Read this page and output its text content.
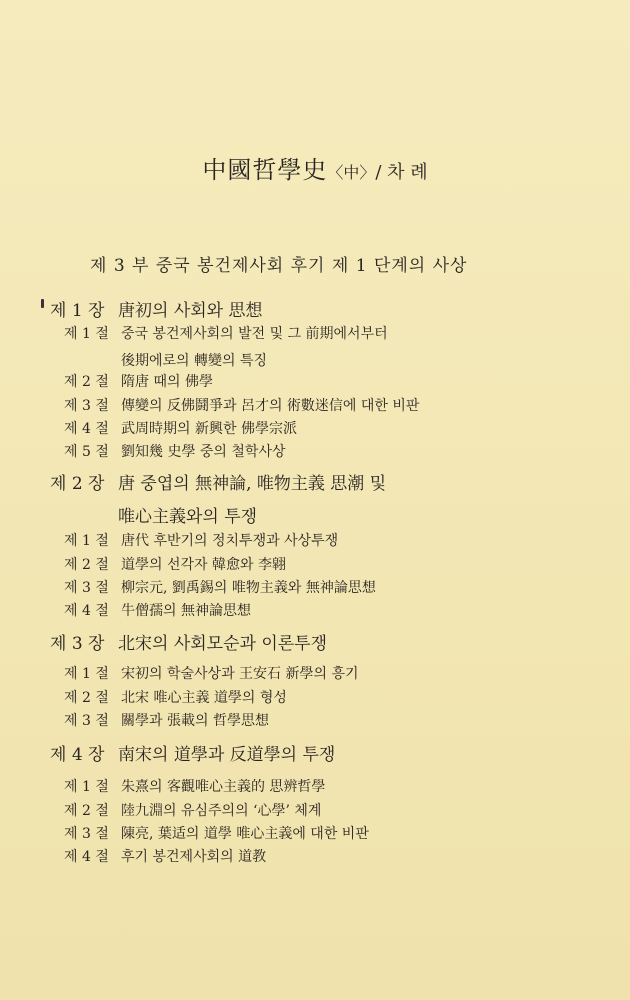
中國哲學史〈中〉/ 차 례
제 3 부 중국 봉건제사회 후기 제 1 단계의 사상
제 1 장 唐初의 사회와 思想
제 1 절 중국 봉건제사회의 발전 및 그 前期에서부터
後期에로의 轉變의 특징
제 2 절 隋唐 때의 佛學
제 3 절 傳變의 反佛鬪爭과 呂才의 術數迷信에 대한 비판
제 4 절 武周時期의 新興한 佛學宗派
제 5 절 劉知幾 史學 중의 철학사상
제 2 장 唐 중엽의 無神論, 唯物主義 思潮 및
唯心主義와의 투쟁
제 1 절 唐代 후반기의 정치투쟁과 사상투쟁
제 2 절 道學의 선각자 韓愈와 李翶
제 3 절 柳宗元, 劉禹錫의 唯物主義와 無神論思想
제 4 절 牛僧孺의 無神論思想
제 3 장 北宋의 사회모순과 이론투쟁
제 1 절 宋初의 학술사상과 王安石 新學의 흥기
제 2 절 北宋 唯心主義 道學의 형성
제 3 절 關學과 張載의 哲學思想
제 4 장 南宋의 道學과 反道學의 투쟁
제 1 절 朱熹의 客觀唯心主義的 思辨哲學
제 2 절 陸九淵의 유심주의의 ‘心學’ 체계
제 3 절 陳亮, 葉适의 道學 唯心主義에 대한 비판
제 4 절 후기 봉건제사회의 道教
